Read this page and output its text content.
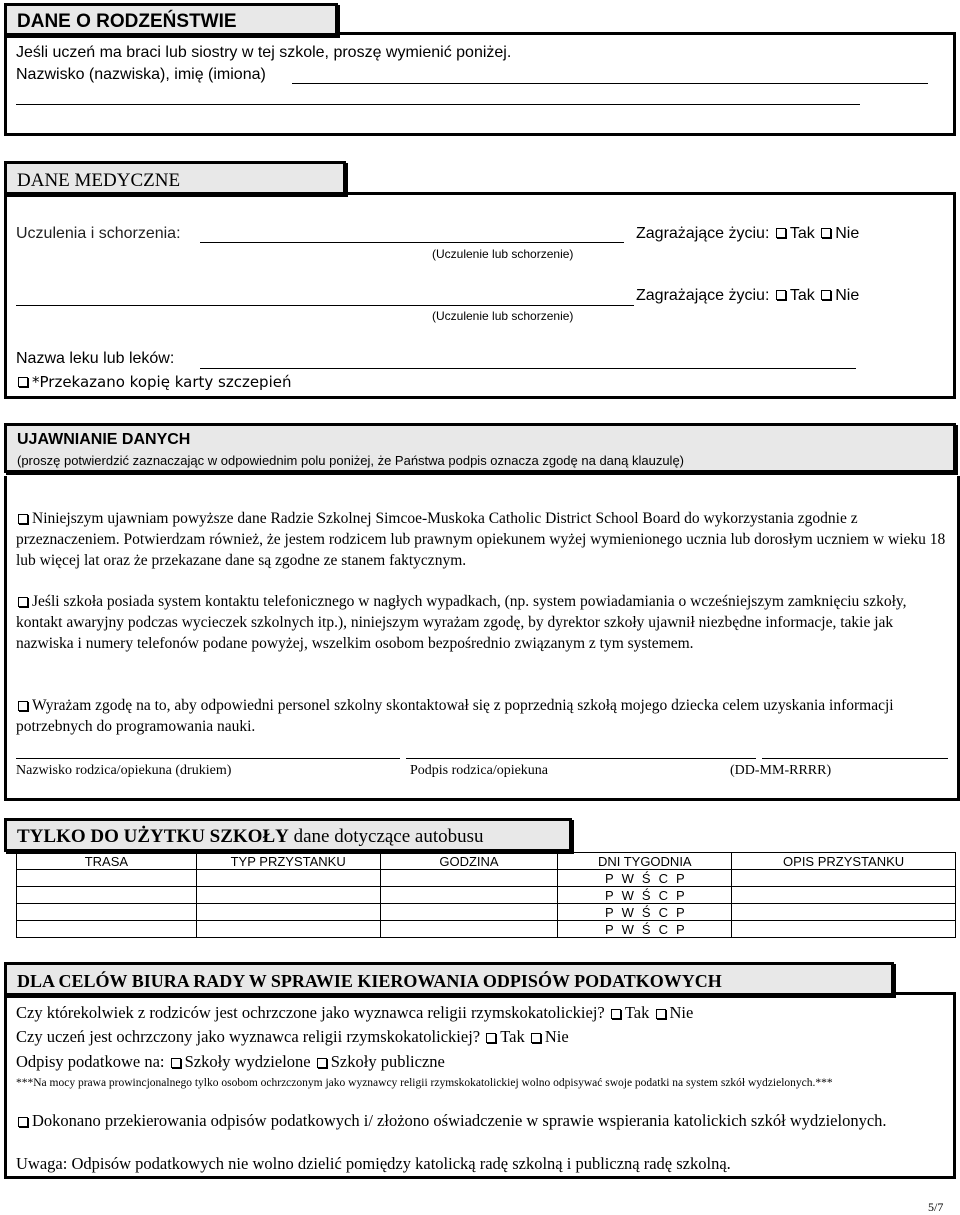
DANE O RODZEŃSTWIE
Jeśli uczeń ma braci lub siostry w tej szkole, proszę wymienić poniżej.
Nazwisko (nazwiska), imię (imiona)
DANE MEDYCZNE
Uczulenia i schorzenia:
(Uczulenie lub schorzenie)
Zagrażające życiu: Tak Nie
(Uczulenie lub schorzenie)
Zagrażające życiu: Tak Nie
Nazwa leku lub leków:
*Przekazano kopię karty szczepień
UJAWNIANIE DANYCH
(proszę potwierdzić zaznaczając w odpowiednim polu poniżej, że Państwa podpis oznacza zgodę na daną klauzulę)
Niniejszym ujawniam powyższe dane Radzie Szkolnej Simcoe-Muskoka Catholic District School Board do wykorzystania zgodnie z przeznaczeniem. Potwierdzam również, że jestem rodzicem lub prawnym opiekunem wyżej wymienionego ucznia lub dorosłym uczniem w wieku 18 lub więcej lat oraz że przekazane dane są zgodne ze stanem faktycznym.
Jeśli szkoła posiada system kontaktu telefonicznego w nagłych wypadkach, (np. system powiadamiania o wcześniejszym zamknięciu szkoły, kontakt awaryjny podczas wycieczek szkolnych itp.), niniejszym wyrażam zgodę, by dyrektor szkoły ujawnił niezbędne informacje, takie jak nazwiska i numery telefonów podane powyżej, wszelkim osobom bezpośrednio związanym z tym systemem.
Wyrażam zgodę na to, aby odpowiedni personel szkolny skontaktował się z poprzednią szkołą mojego dziecka celem uzyskania informacji potrzebnych do programowania nauki.
Nazwisko rodzica/opiekuna (drukiem)	Podpis rodzica/opiekuna	(DD-MM-RRRR)
TYLKO DO UŻYTKU SZKOŁY dane dotyczące autobusu
TRASA	TYP PRZYSTANKU	GODZINA	DNI TYGODNIA	OPIS PRZYSTANKU
			P W Ś C P	
			P W Ś C P	
			P W Ś C P	
			P W Ś C P	
DLA CELÓW BIURA RADY W SPRAWIE KIEROWANIA ODPISÓW PODATKOWYCH
Czy którekolwiek z rodziców jest ochrzczone jako wyznawca religii rzymskokatolickiej? Tak Nie
Czy uczeń jest ochrzczony jako wyznawca religii rzymskokatolickiej? Tak Nie
Odpisy podatkowe na: Szkoły wydzielone Szkoły publiczne
***Na mocy prawa prowincjonalnego tylko osobom ochrzczonym jako wyznawcy religii rzymskokatolickiej wolno odpisywać swoje podatki na system szkół wydzielonych.***
Dokonano przekierowania odpisów podatkowych i/ złożono oświadczenie w sprawie wspierania katolickich szkół wydzielonych.
Uwaga: Odpisów podatkowych nie wolno dzielić pomiędzy katolicką radę szkolną i publiczną radę szkolną.
5/7
